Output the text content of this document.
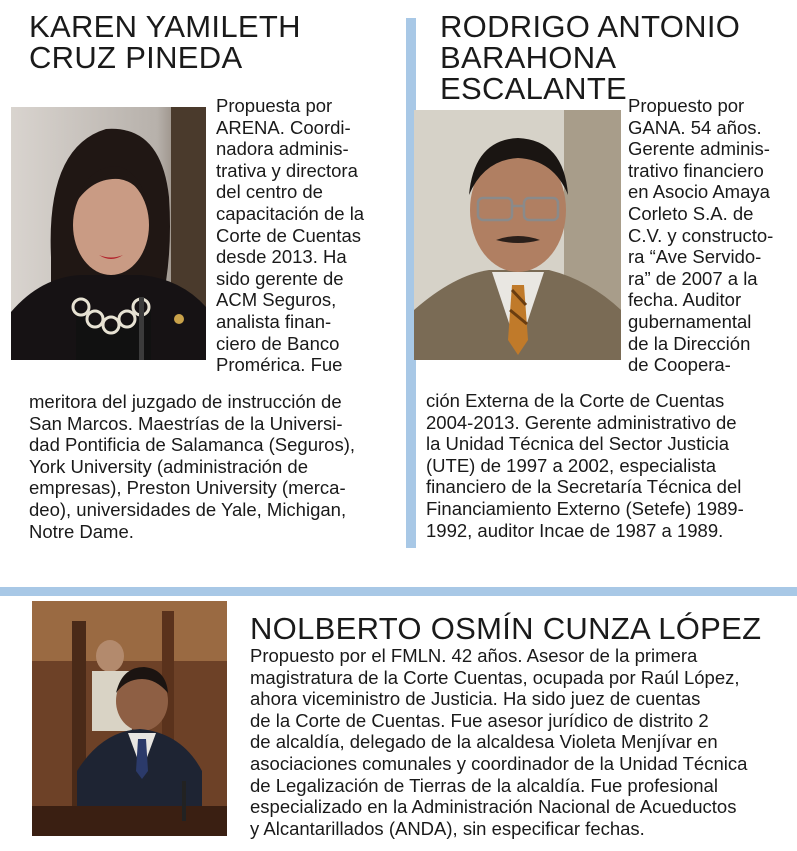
KAREN YAMILETH
CRUZ PINEDA

Propuesta por
ARENA. Coordi-
nadora adminis-
trativa y directora
del centro de
capacitación de la
Corte de Cuentas
desde 2013. Ha
sido gerente de
ACM Seguros,
analista finan-
ciero de Banco
Promérica. Fue

meritora del juzgado de instrucción de
San Marcos. Maestrías de la Universi-
dad Pontificia de Salamanca (Seguros),
York University (administración de
empresas), Preston University (merca-
deo), universidades de Yale, Michigan,
Notre Dame.

RODRIGO ANTONIO
BARAHONA ESCALANTE Propuesto por
GANA. 54 años.
Gerente adminis-
trativo financiero
en Asocio Amaya
Corleto S.A. de
C.V. y constructo-
ra “Ave Servido-
ra” de 2007 a la
fecha. Auditor
gubernamental
de la Dirección
de Coopera-

ción Externa de la Corte de Cuentas
2004-2013. Gerente administrativo de
la Unidad Técnica del Sector Justicia
(UTE) de 1997 a 2002, especialista
financiero de la Secretaría Técnica del
Financiamiento Externo (Setefe) 1989-
1992, auditor Incae de 1987 a 1989.

NOLBERTO OSMÍN CUNZA LÓPEZ

Propuesto por el FMLN. 42 años. Asesor de la primera
magistratura de la Corte Cuentas, ocupada por Raúl López,
ahora viceministro de Justicia. Ha sido juez de cuentas
de la Corte de Cuentas. Fue asesor jurídico de distrito 2
de alcaldía, delegado de la alcaldesa Violeta Menjívar en
asociaciones comunales y coordinador de la Unidad Técnica
de Legalización de Tierras de la alcaldía. Fue profesional
especializado en la Administración Nacional de Acueductos
y Alcantarillados (ANDA), sin especificar fechas.
